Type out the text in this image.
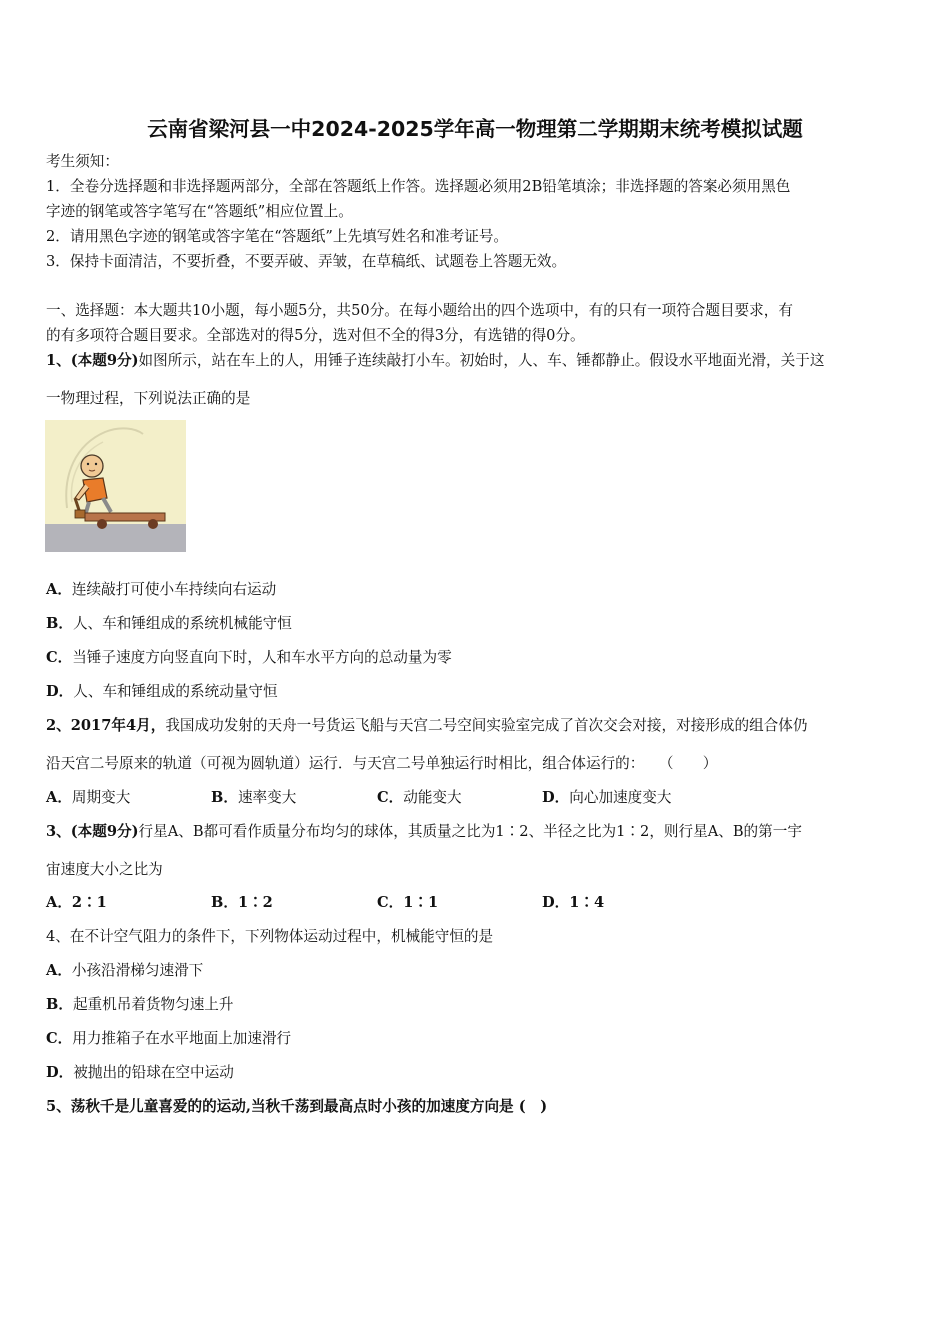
云南省梁河县一中2024-2025学年高一物理第二学期期末统考模拟试题
考生须知：
1．全卷分选择题和非选择题两部分，全部在答题纸上作答。选择题必须用2B铅笔填涂；非选择题的答案必须用黑色
字迹的钢笔或答字笔写在“答题纸”相应位置上。
2．请用黑色字迹的钢笔或答字笔在“答题纸”上先填写姓名和准考证号。
3．保持卡面清洁，不要折叠，不要弄破、弄皱，在草稿纸、试题卷上答题无效。
一、选择题：本大题共10小题，每小题5分，共50分。在每小题给出的四个选项中，有的只有一项符合题目要求，有
的有多项符合题目要求。全部选对的得5分，选对但不全的得3分，有选错的得0分。
1、(本题9分)如图所示，站在车上的人，用锤子连续敲打小车。初始时，人、车、锤都静止。假设水平地面光滑，关于这
一物理过程，下列说法正确的是
A．连续敲打可使小车持续向右运动
B．人、车和锤组成的系统机械能守恒
C．当锤子速度方向竖直向下时，人和车水平方向的总动量为零
D．人、车和锤组成的系统动量守恒
2、2017年4月，我国成功发射的天舟一号货运飞船与天宫二号空间实验室完成了首次交会对接，对接形成的组合体仍
沿天宫二号原来的轨道（可视为圆轨道）运行．与天宫二号单独运行时相比，组合体运行的：　　（　　）
A．周期变大	B．速率变大	C．动能变大	D．向心加速度变大
3、(本题9分)行星A、B都可看作质量分布均匀的球体，其质量之比为1∶2、半径之比为1∶2，则行星A、B的第一宇
宙速度大小之比为
A．2∶1	B．1∶2	C．1∶1	D．1∶4
4、在不计空气阻力的条件下，下列物体运动过程中，机械能守恒的是
A．小孩沿滑梯匀速滑下
B．起重机吊着货物匀速上升
C．用力推箱子在水平地面上加速滑行
D．被抛出的铅球在空中运动
5、荡秋千是儿童喜爱的的运动,当秋千荡到最高点时小孩的加速度方向是 (　)
